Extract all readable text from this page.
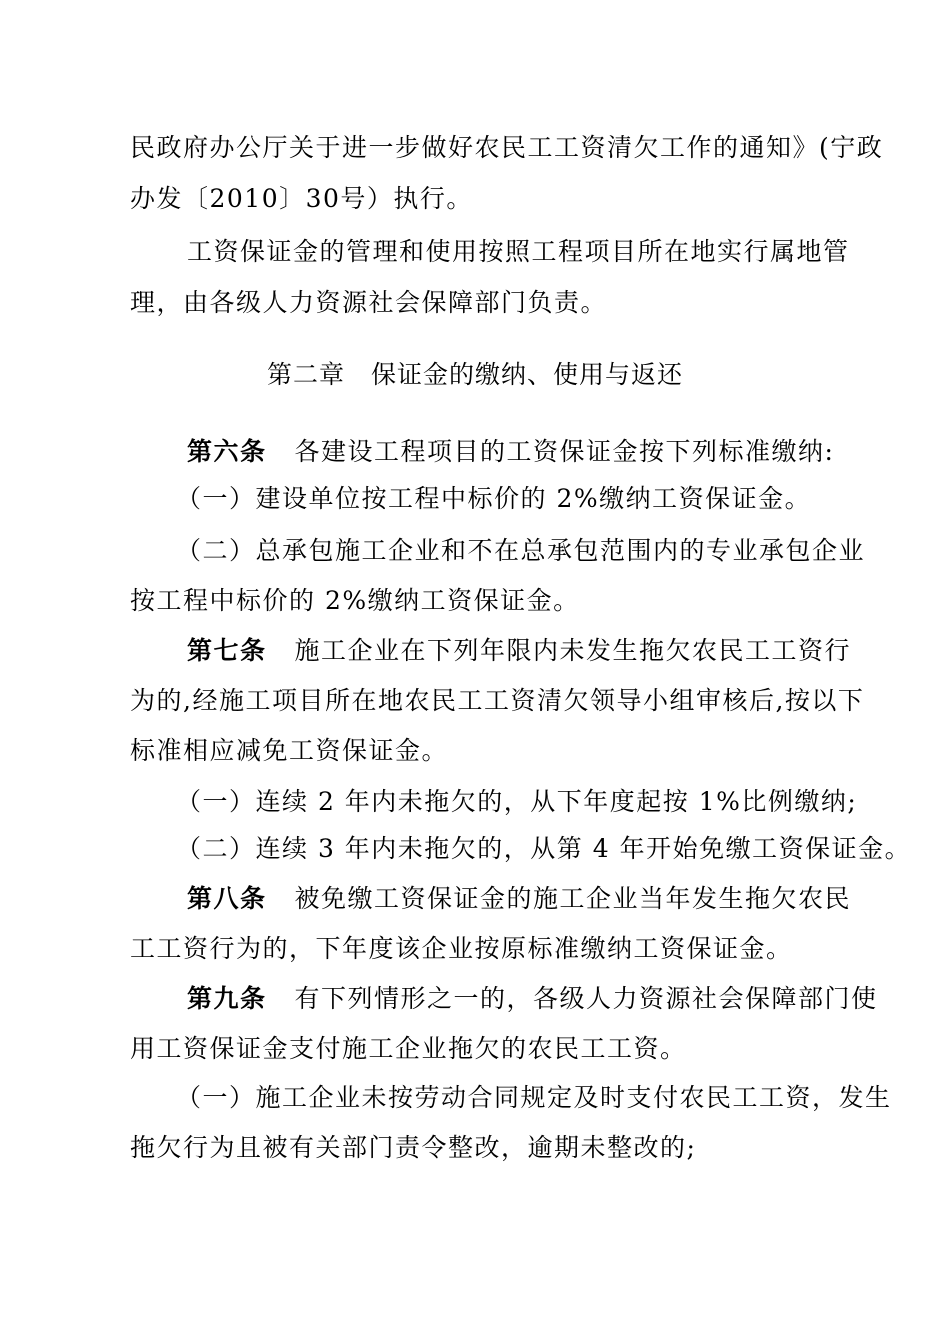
民政府办公厅关于进一步做好农民工工资清欠工作的通知》(宁政
办发〔2010〕30号）执行。
工资保证金的管理和使用按照工程项目所在地实行属地管
理，由各级人力资源社会保障部门负责。
第二章　保证金的缴纳、使用与返还
第六条 各建设工程项目的工资保证金按下列标准缴纳:
（一）建设单位按工程中标价的 2%缴纳工资保证金。
（二）总承包施工企业和不在总承包范围内的专业承包企业
按工程中标价的 2%缴纳工资保证金。
第七条 施工企业在下列年限内未发生拖欠农民工工资行
为的,经施工项目所在地农民工工资清欠领导小组审核后,按以下
标准相应减免工资保证金。
（一）连续 2 年内未拖欠的，从下年度起按 1%比例缴纳;
（二）连续 3 年内未拖欠的，从第 4 年开始免缴工资保证金。
第八条 被免缴工资保证金的施工企业当年发生拖欠农民
工工资行为的，下年度该企业按原标准缴纳工资保证金。
第九条 有下列情形之一的，各级人力资源社会保障部门使
用工资保证金支付施工企业拖欠的农民工工资。
（一）施工企业未按劳动合同规定及时支付农民工工资，发生
拖欠行为且被有关部门责令整改，逾期未整改的;
